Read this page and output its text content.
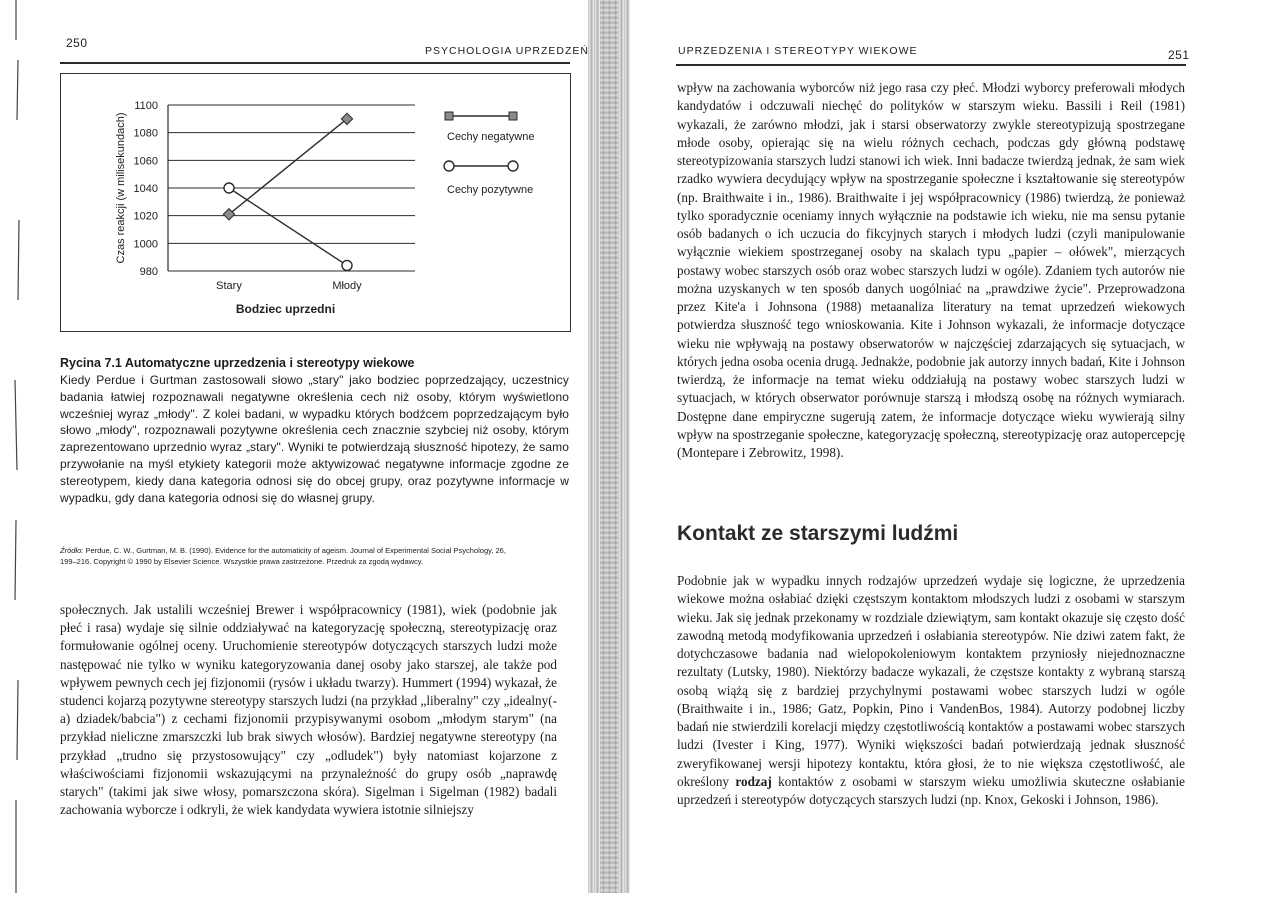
250
PSYCHOLOGIA UPRZEDZEŃ
980
1000
1020
1040
1060
1080
1100
Czas reakcji (w milisekundach)
Stary	Młody
Bodziec uprzedni
Cechy negatywne
Cechy pozytywne
Rycina 7.1 Automatyczne uprzedzenia i stereotypy wiekowe

Kiedy Perdue i Gurtman zastosowali słowo „stary" jako bodziec poprzedzający, uczestnicy badania łatwiej rozpoznawali negatywne określenia cech niż osoby, którym wyświetlono wcześniej wyraz „młody". Z kolei badani, w wypadku których bodźcem poprzedzającym było słowo „młody", rozpoznawali pozytywne określenia cech znacznie szybciej niż osoby, którym zaprezentowano uprzednio wyraz „stary". Wyniki te potwierdzają słuszność hipotezy, że samo przywołanie na myśl etykiety kategorii może aktywizować negatywne informacje zgodne ze stereotypem, kiedy dana kategoria odnosi się do obcej grupy, oraz pozytywne informacje w wypadku, gdy dana kategoria odnosi się do własnej grupy.

Źródło: Perdue, C. W., Gurtman, M. B. (1990). Evidence for the automaticity of ageism. Journal of Experimental Social Psychology, 26,
199–216. Copyright © 1990 by Elsevier Science. Wszystkie prawa zastrzeżone. Przedruk za zgodą wydawcy.
społecznych. Jak ustalili wcześniej Brewer i współpracownicy (1981), wiek (podobnie jak płeć i rasa) wydaje się silnie oddziaływać na kategoryzację społeczną, stereotypizację oraz formułowanie ogólnej oceny. Uruchomienie stereotypów dotyczących starszych ludzi może następować nie tylko w wyniku kategoryzowania danej osoby jako starszej, ale także pod wpływem pewnych cech jej fizjonomii (rysów i układu twarzy). Hummert (1994) wykazał, że studenci kojarzą pozytywne stereotypy starszych ludzi (na przykład „liberalny" czy „idealny(-a) dziadek/babcia") z cechami fizjonomii przypisywanymi osobom „młodym starym" (na przykład nieliczne zmarszczki lub brak siwych włosów). Bardziej negatywne stereotypy (na przykład „trudno się przystosowujący" czy „odludek") były natomiast kojarzone z właściwościami fizjonomii wskazującymi na przynależność do grupy osób „naprawdę starych" (takimi jak siwe włosy, pomarszczona skóra). Sigelman i Sigelman (1982) badali zachowania wyborcze i odkryli, że wiek kandydata wywiera istotnie silniejszy
UPRZEDZENIA I STEREOTYPY WIEKOWE	251
wpływ na zachowania wyborców niż jego rasa czy płeć. Młodzi wyborcy preferowali młodych kandydatów i odczuwali niechęć do polityków w starszym wieku. Bassili i Reil (1981) wykazali, że zarówno młodzi, jak i starsi obserwatorzy zwykle stereotypizują spostrzegane młode osoby, opierając się na wielu różnych cechach, podczas gdy główną podstawę stereotypizowania starszych ludzi stanowi ich wiek. Inni badacze twierdzą jednak, że sam wiek rzadko wywiera decydujący wpływ na spostrzeganie społeczne i kształtowanie się stereotypów (np. Braithwaite i in., 1986). Braithwaite i jej współpracownicy (1986) twierdzą, że ponieważ tylko sporadycznie oceniamy innych wyłącznie na podstawie ich wieku, nie ma sensu pytanie osób badanych o ich uczucia do fikcyjnych starych i młodych ludzi (czyli manipulowanie wyłącznie wiekiem spostrzeganej osoby na skalach typu „papier – ołówek", mierzących postawy wobec starszych osób oraz wobec starszych ludzi w ogóle). Zdaniem tych autorów nie można uzyskanych w ten sposób danych uogólniać na „prawdziwe życie". Przeprowadzona przez Kite'a i Johnsona (1988) metaanaliza literatury na temat uprzedzeń wiekowych potwierdza słuszność tego wnioskowania. Kite i Johnson wykazali, że informacje dotyczące wieku nie wpływają na postawy obserwatorów w najczęściej zdarzających się sytuacjach, w których jedna osoba ocenia drugą. Jednakże, podobnie jak autorzy innych badań, Kite i Johnson twierdzą, że informacje na temat wieku oddziałują na postawy wobec starszych ludzi w sytuacjach, w których obserwator porównuje starszą i młodszą osobę na różnych wymiarach. Dostępne dane empiryczne sugerują zatem, że informacje dotyczące wieku wywierają silny wpływ na spostrzeganie społeczne, kategoryzację społeczną, stereotypizację oraz autopercepcję (Montepare i Zebrowitz, 1998).
Kontakt ze starszymi ludźmi
Podobnie jak w wypadku innych rodzajów uprzedzeń wydaje się logiczne, że uprzedzenia wiekowe można osłabiać dzięki częstszym kontaktom młodszych ludzi z osobami w starszym wieku. Jak się jednak przekonamy w rozdziale dziewiątym, sam kontakt okazuje się często dość zawodną metodą modyfikowania uprzedzeń i osłabiania stereotypów. Nie dziwi zatem fakt, że dotychczasowe badania nad wielopokoleniowym kontaktem przyniosły niejednoznaczne rezultaty (Lutsky, 1980). Niektórzy badacze wykazali, że częstsze kontakty z wybraną starszą osobą wiążą się z bardziej przychylnymi postawami wobec starszych ludzi w ogóle (Braithwaite i in., 1986; Gatz, Popkin, Pino i VandenBos, 1984). Autorzy podobnej liczby badań nie stwierdzili korelacji między częstotliwością kontaktów a postawami wobec starszych ludzi (Ivester i King, 1977). Wyniki większości badań potwierdzają jednak słuszność zweryfikowanej wersji hipotezy kontaktu, która głosi, że to nie większa częstotliwość, ale określony rodzaj kontaktów z osobami w starszym wieku umożliwia skuteczne osłabianie uprzedzeń i stereotypów dotyczących starszych ludzi (np. Knox, Gekoski i Johnson, 1986).
